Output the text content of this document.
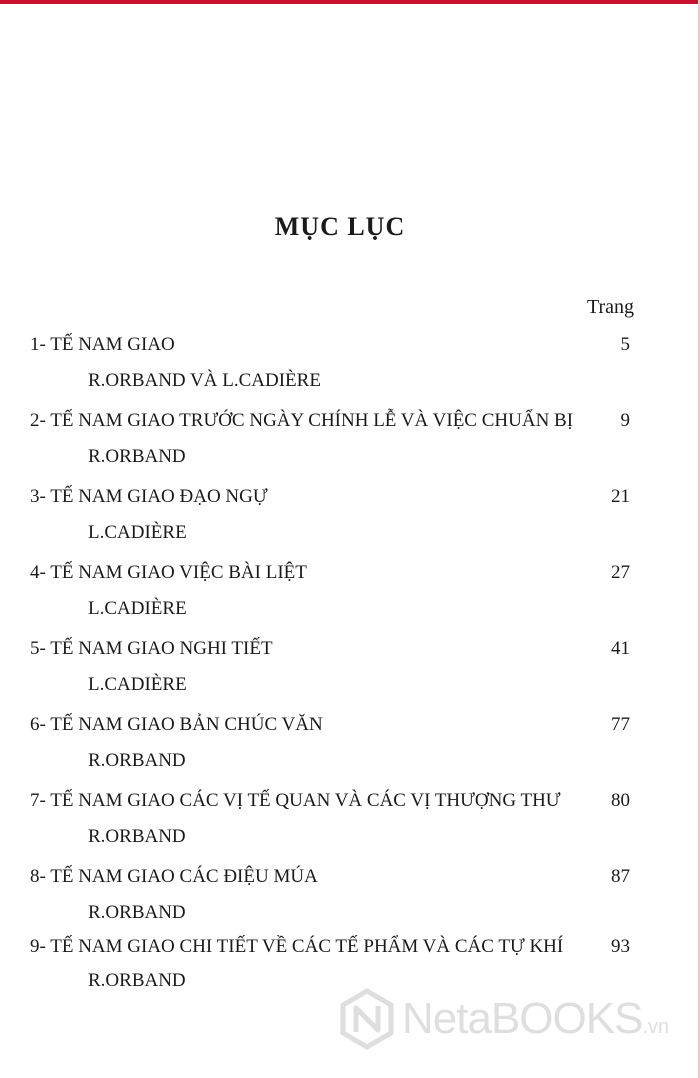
MỤC LỤC
Trang
1- TẾ NAM GIAO	5
R.ORBAND VÀ L.CADIÈRE
2- TẾ NAM GIAO TRƯỚC NGÀY CHÍNH LỄ VÀ VIỆC CHUẨN BỊ 9
R.ORBAND
3- TẾ NAM GIAO ĐẠO NGỰ	21
L.CADIÈRE
4- TẾ NAM GIAO VIỆC BÀI LIỆT	27
L.CADIÈRE
5- TẾ NAM GIAO NGHI TIẾT	41
L.CADIÈRE
6- TẾ NAM GIAO BẢN CHÚC VĂN	77
R.ORBAND
7- TẾ NAM GIAO CÁC VỊ TẾ QUAN VÀ CÁC VỊ THƯỢNG THƯ	80
R.ORBAND
8- TẾ NAM GIAO CÁC ĐIỆU MÚA	87
R.ORBAND
9- TẾ NAM GIAO CHI TIẾT VỀ CÁC TẾ PHẨM VÀ CÁC TỰ KHÍ	93
R.ORBAND
NetaBOOKS.vn
